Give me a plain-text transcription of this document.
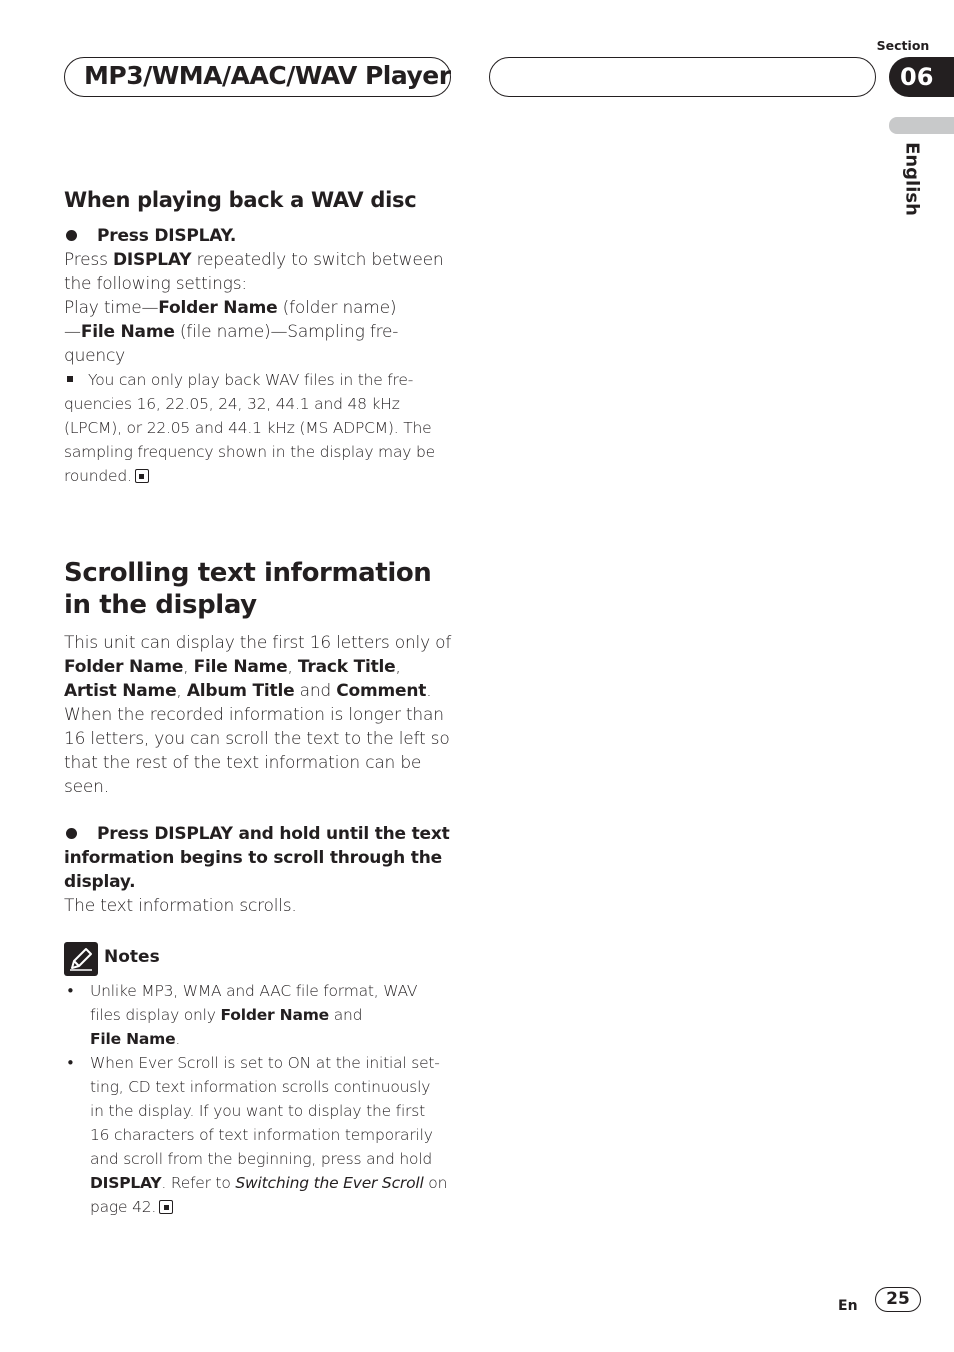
MP3/WMA/AAC/WAV Player
Section
06
English
When playing back a WAV disc
Press DISPLAY.
Press DISPLAY repeatedly to switch between
the following settings:
Play time—Folder Name (folder name)
—File Name (file name)—Sampling fre-
quency
You can only play back WAV files in the fre-
quencies 16, 22.05, 24, 32, 44.1 and 48 kHz
(LPCM), or 22.05 and 44.1 kHz (MS ADPCM). The
sampling frequency shown in the display may be
rounded.
Scrolling text information
in the display
This unit can display the first 16 letters only of
Folder Name, File Name, Track Title,
Artist Name, Album Title and Comment.
When the recorded information is longer than
16 letters, you can scroll the text to the left so
that the rest of the text information can be
seen.
Press DISPLAY and hold until the text
information begins to scroll through the
display.
The text information scrolls.
Notes
• Unlike MP3, WMA and AAC file format, WAV
files display only Folder Name and
File Name.
• When Ever Scroll is set to ON at the initial set-
ting, CD text information scrolls continuously
in the display. If you want to display the first
16 characters of text information temporarily
and scroll from the beginning, press and hold
DISPLAY. Refer to Switching the Ever Scroll on
page 42.
En	25
